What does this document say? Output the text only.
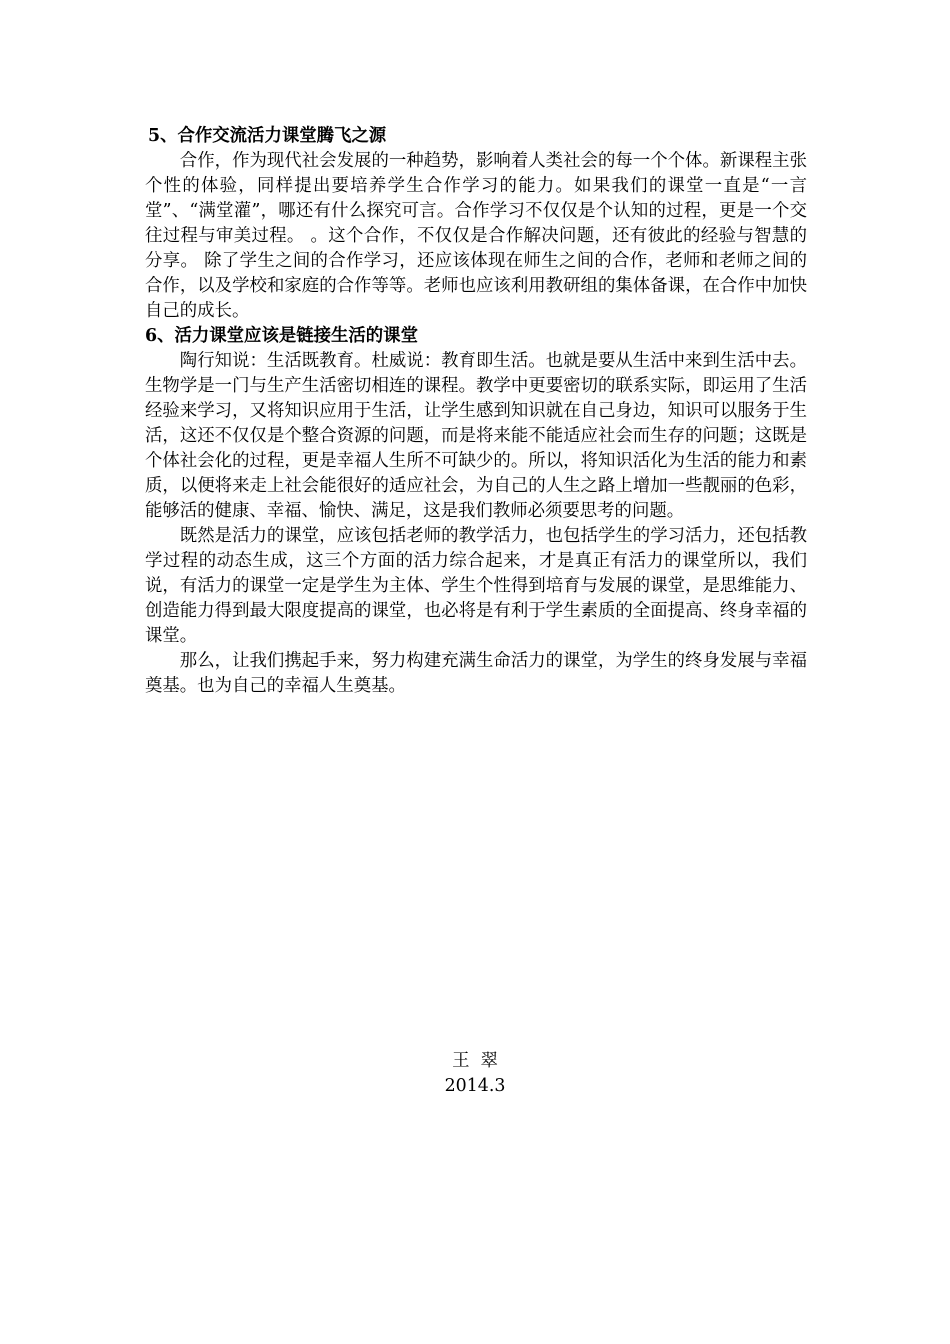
5、合作交流活力课堂腾飞之源

合作，作为现代社会发展的一种趋势，影响着人类社会的每一个个体。新课程主张个性的体验，同样提出要培养学生合作学习的能力。如果我们的课堂一直是“一言堂”、“满堂灌”，哪还有什么探究可言。合作学习不仅仅是个认知的过程，更是一个交往过程与审美过程。 。这个合作，不仅仅是合作解决问题，还有彼此的经验与智慧的分享。 除了学生之间的合作学习，还应该体现在师生之间的合作，老师和老师之间的合作，以及学校和家庭的合作等等。老师也应该利用教研组的集体备课，在合作中加快自己的成长。

6、活力课堂应该是链接生活的课堂

陶行知说：生活既教育。杜威说：教育即生活。也就是要从生活中来到生活中去。生物学是一门与生产生活密切相连的课程。教学中更要密切的联系实际，即运用了生活经验来学习，又将知识应用于生活，让学生感到知识就在自己身边，知识可以服务于生活，这还不仅仅是个整合资源的问题，而是将来能不能适应社会而生存的问题；这既是个体社会化的过程，更是幸福人生所不可缺少的。所以，将知识活化为生活的能力和素质，以便将来走上社会能很好的适应社会，为自己的人生之路上增加一些靓丽的色彩，能够活的健康、幸福、愉快、满足，这是我们教师必须要思考的问题。

既然是活力的课堂，应该包括老师的教学活力，也包括学生的学习活力，还包括教学过程的动态生成，这三个方面的活力综合起来，才是真正有活力的课堂所以，我们说，有活力的课堂一定是学生为主体、学生个性得到培育与发展的课堂，是思维能力、创造能力得到最大限度提高的课堂，也必将是有利于学生素质的全面提高、终身幸福的课堂。

那么，让我们携起手来，努力构建充满生命活力的课堂，为学生的终身发展与幸福奠基。也为自己的幸福人生奠基。

王  翠
2014.3
